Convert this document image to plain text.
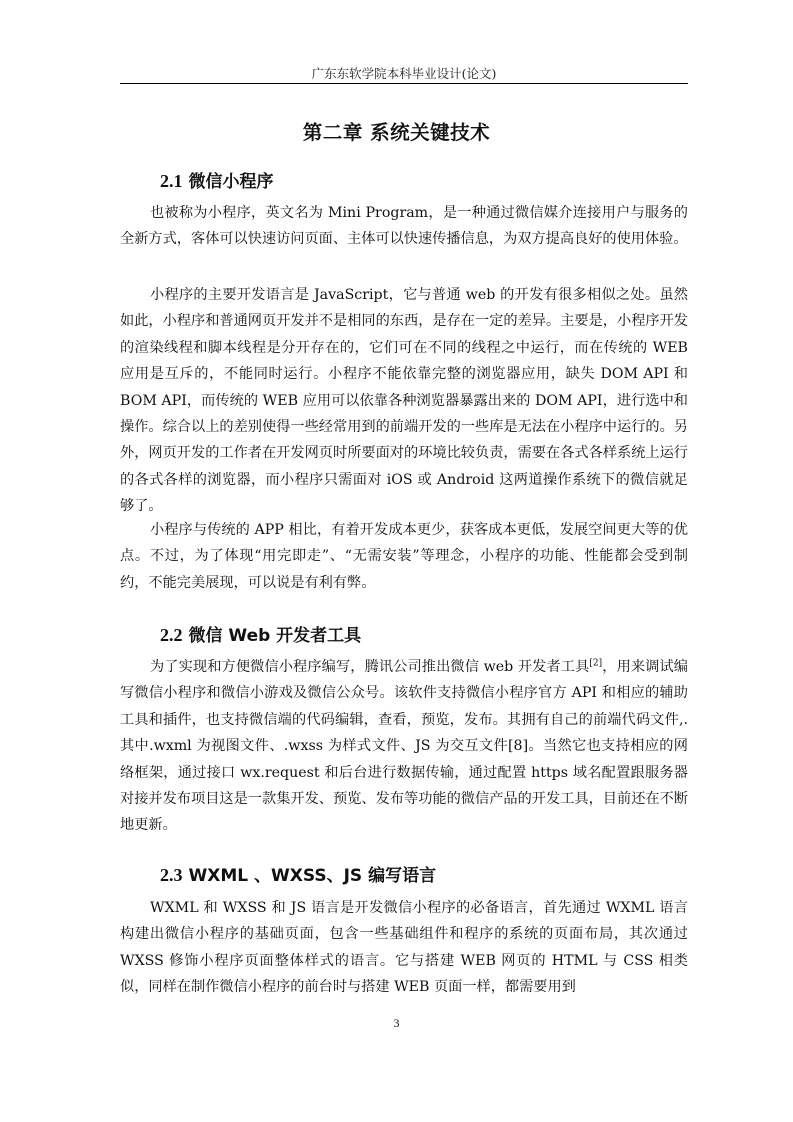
广东东软学院本科毕业设计(论文)
第二章 系统关键技术
2.1 微信小程序

也被称为小程序，英文名为 Mini Program，是一种通过微信媒介连接用户与服务的全新方式，客体可以快速访问页面、主体可以快速传播信息，为双方提高良好的使用体验。

小程序的主要开发语言是 JavaScript，它与普通 web 的开发有很多相似之处。虽然如此，小程序和普通网页开发并不是相同的东西，是存在一定的差异。主要是，小程序开发的渲染线程和脚本线程是分开存在的，它们可在不同的线程之中运行，而在传统的 WEB 应用是互斥的，不能同时运行。小程序不能依靠完整的浏览器应用，缺失 DOM API 和 BOM API，而传统的 WEB 应用可以依靠各种浏览器暴露出来的 DOM API，进行选中和操作。综合以上的差别使得一些经常用到的前端开发的一些库是无法在小程序中运行的。另外，网页开发的工作者在开发网页时所要面对的环境比较负责，需要在各式各样系统上运行的各式各样的浏览器，而小程序只需面对 iOS 或 Android 这两道操作系统下的微信就足够了。

小程序与传统的 APP 相比，有着开发成本更少，获客成本更低，发展空间更大等的优点。不过，为了体现“用完即走”、“无需安装”等理念，小程序的功能、性能都会受到制约，不能完美展现，可以说是有利有弊。

2.2 微信 Web 开发者工具

为了实现和方便微信小程序编写，腾讯公司推出微信 web 开发者工具[2]，用来调试编写微信小程序和微信小游戏及微信公众号。该软件支持微信小程序官方 API 和相应的辅助工具和插件，也支持微信端的代码编辑，查看，预览，发布。其拥有自己的前端代码文件,.其中.wxml 为视图文件、.wxss 为样式文件、JS 为交互文件[8]。当然它也支持相应的网络框架，通过接口 wx.request 和后台进行数据传输，通过配置 https 域名配置跟服务器对接并发布项目这是一款集开发、预览、发布等功能的微信产品的开发工具，目前还在不断地更新。

2.3 WXML 、WXSS、JS 编写语言

WXML 和 WXSS 和 JS 语言是开发微信小程序的必备语言，首先通过 WXML 语言构建出微信小程序的基础页面，包含一些基础组件和程序的系统的页面布局，其次通过 WXSS 修饰小程序页面整体样式的语言。它与搭建 WEB 网页的 HTML 与 CSS 相类似，同样在制作微信小程序的前台时与搭建 WEB 页面一样，都需要用到

3
